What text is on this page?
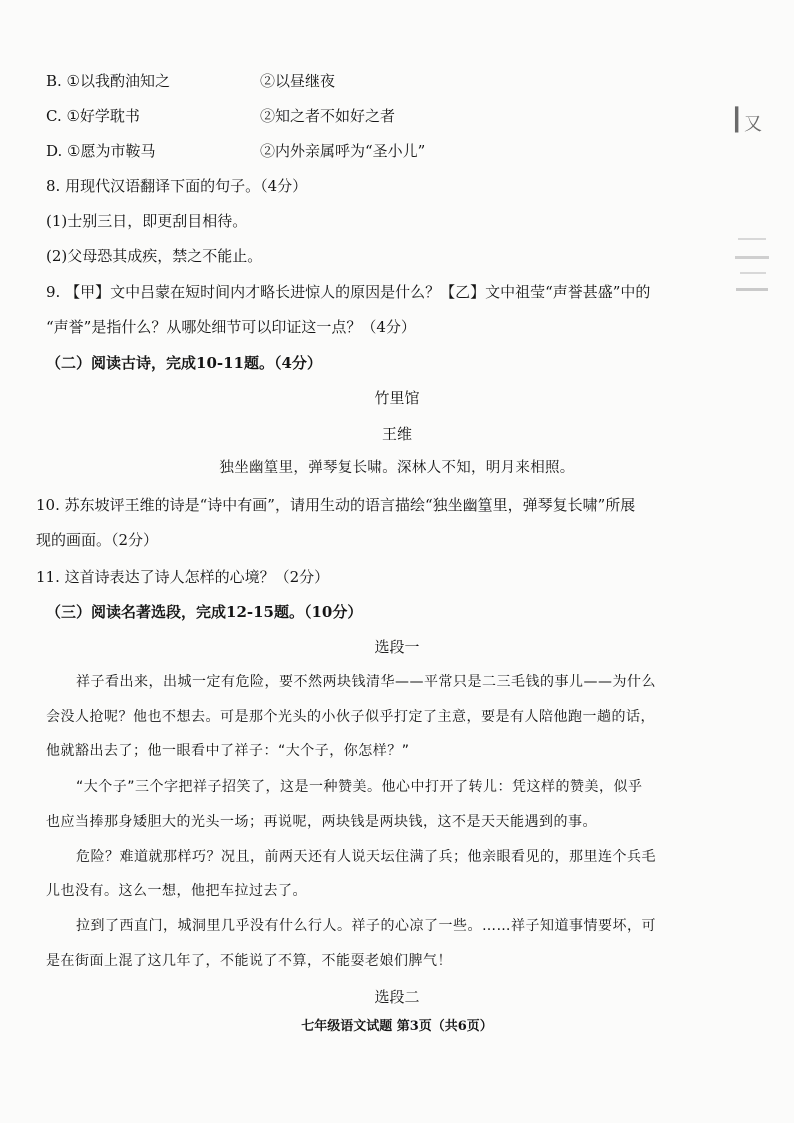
B. ①以我酌油知之	②以昼继夜
C. ①好学耽书	②知之者不如好之者
D. ①愿为市鞍马	②内外亲属呼为“圣小儿”
8. 用现代汉语翻译下面的句子。（4分）
(1)士别三日，即更刮目相待。
(2)父母恐其成疾，禁之不能止。
9. 【甲】文中吕蒙在短时间内才略长进惊人的原因是什么？【乙】文中祖莹“声誉甚盛”中的
“声誉”是指什么？从哪处细节可以印证这一点？（4分）
（二）阅读古诗，完成10-11题。（4分）
竹里馆
王维
独坐幽篁里，弹琴复长啸。深林人不知，明月来相照。
10. 苏东坡评王维的诗是“诗中有画”，请用生动的语言描绘“独坐幽篁里，弹琴复长啸”所展
现的画面。（2分）
11. 这首诗表达了诗人怎样的心境？（2分）
（三）阅读名著选段，完成12-15题。（10分）
选段一
祥子看出来，出城一定有危险，要不然两块钱清华——平常只是二三毛钱的事儿——为什么
会没人抢呢？他也不想去。可是那个光头的小伙子似乎打定了主意，要是有人陪他跑一趟的话，
他就豁出去了；他一眼看中了祥子：“大个子，你怎样？”
“大个子”三个字把祥子招笑了，这是一种赞美。他心中打开了转儿：凭这样的赞美，似乎
也应当捧那身矮胆大的光头一场；再说呢，两块钱是两块钱，这不是天天能遇到的事。
危险？难道就那样巧？况且，前两天还有人说天坛住满了兵；他亲眼看见的，那里连个兵毛
儿也没有。这么一想，他把车拉过去了。
拉到了西直门，城洞里几乎没有什么行人。祥子的心凉了一些。……祥子知道事情要坏，可
是在街面上混了这几年了，不能说了不算，不能耍老娘们脾气！
选段二
七年级语文试题 第3页（共6页）
┃ 又
